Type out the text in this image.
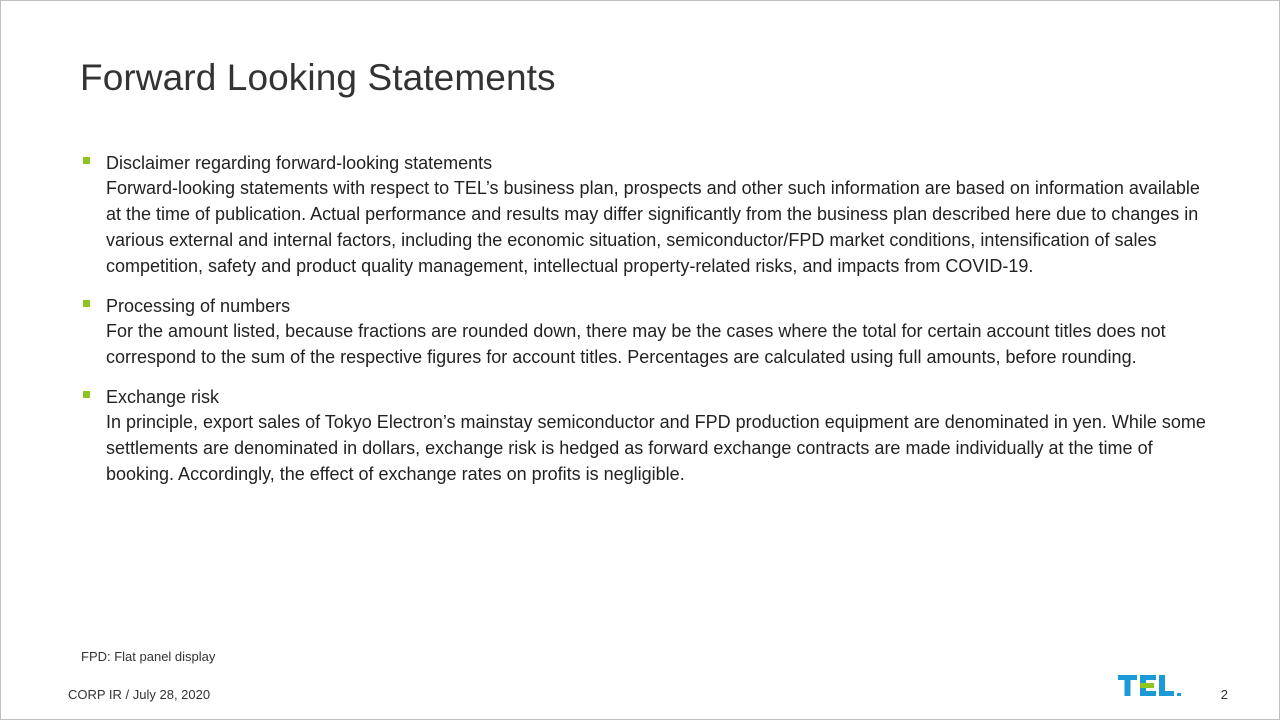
Forward Looking Statements
Disclaimer regarding forward-looking statements
Forward-looking statements with respect to TEL’s business plan, prospects and other such information are based on information available at the time of publication. Actual performance and results may differ significantly from the business plan described here due to changes in various external and internal factors, including the economic situation, semiconductor/FPD market conditions, intensification of sales competition, safety and product quality management, intellectual property-related risks, and impacts from COVID-19.
Processing of numbers
For the amount listed, because fractions are rounded down, there may be the cases where the total for certain account titles does not correspond to the sum of the respective figures for account titles. Percentages are calculated using full amounts, before rounding.
Exchange risk
In principle, export sales of Tokyo Electron’s mainstay semiconductor and FPD production equipment are denominated in yen. While some settlements are denominated in dollars, exchange risk is hedged as forward exchange contracts are made individually at the time of booking. Accordingly, the effect of exchange rates on profits is negligible.
FPD: Flat panel display
CORP IR / July 28, 2020	2
